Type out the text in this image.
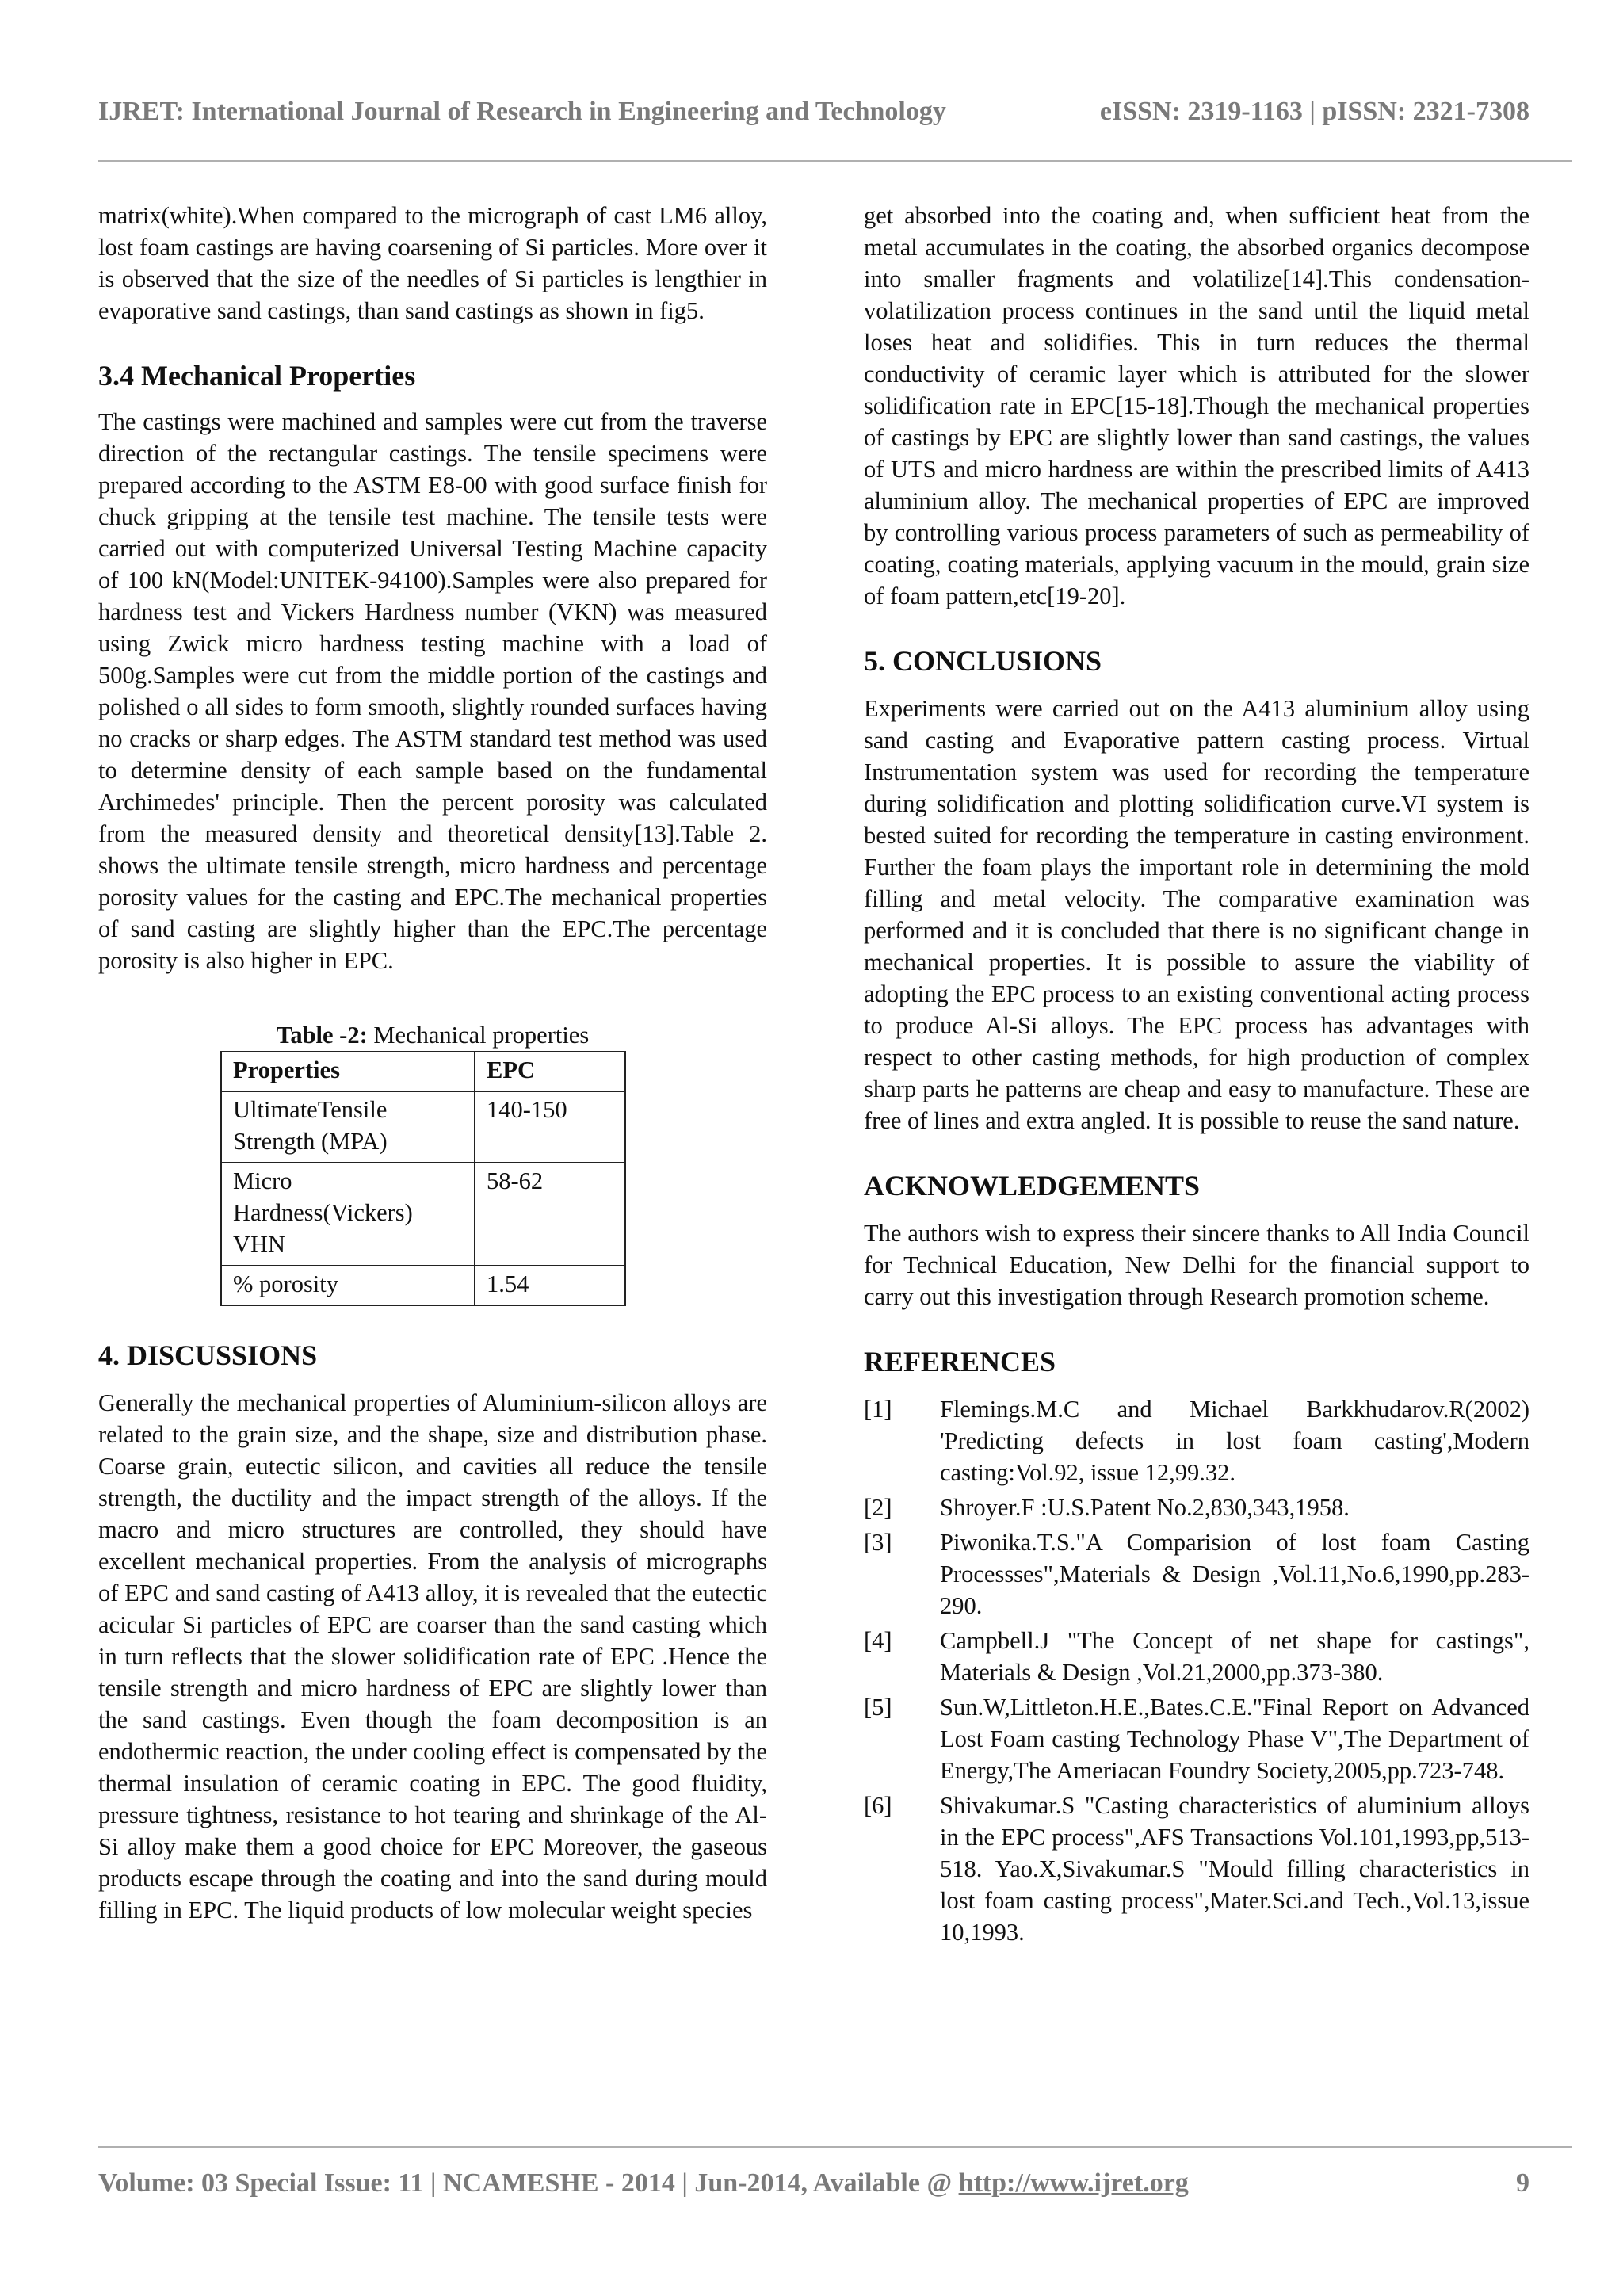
IJRET: International Journal of Research in Engineering and Technology	eISSN: 2319-1163 | pISSN: 2321-7308

matrix(white).When compared to the micrograph of cast LM6 alloy, lost foam castings are having coarsening of Si particles. More over it is observed that the size of the needles of Si particles is lengthier in evaporative sand castings, than sand castings as shown in fig5.

3.4 Mechanical Properties

The castings were machined and samples were cut from the traverse direction of the rectangular castings. The tensile specimens were prepared according to the ASTM E8-00 with good surface finish for chuck gripping at the tensile test machine. The tensile tests were carried out with computerized Universal Testing Machine capacity of 100 kN(Model:UNITEK-94100).Samples were also prepared for hardness test and Vickers Hardness number (VKN) was measured using Zwick micro hardness testing machine with a load of 500g.Samples were cut from the middle portion of the castings and polished o all sides to form smooth, slightly rounded surfaces having no cracks or sharp edges. The ASTM standard test method was used to determine density of each sample based on the fundamental Archimedes' principle. Then the percent porosity was calculated from the measured density and theoretical density[13].Table 2. shows the ultimate tensile strength, micro hardness and percentage porosity values for the casting and EPC.The mechanical properties of sand casting are slightly higher than the EPC.The percentage porosity is also higher in EPC.

Table -2: Mechanical properties

Properties	EPC
UltimateTensile Strength (MPA)	140-150
Micro Hardness(Vickers) VHN	58-62
% porosity	1.54
4. DISCUSSIONS

Generally the mechanical properties of Aluminium-silicon alloys are related to the grain size, and the shape, size and distribution phase. Coarse grain, eutectic silicon, and cavities all reduce the tensile strength, the ductility and the impact strength of the alloys. If the macro and micro structures are controlled, they should have excellent mechanical properties. From the analysis of micrographs of EPC and sand casting of A413 alloy, it is revealed that the eutectic acicular Si particles of EPC are coarser than the sand casting which in turn reflects that the slower solidification rate of EPC .Hence the tensile strength and micro hardness of EPC are slightly lower than the sand castings. Even though the foam decomposition is an endothermic reaction, the under cooling effect is compensated by the thermal insulation of ceramic coating in EPC. The good fluidity, pressure tightness, resistance to hot tearing and shrinkage of the Al-Si alloy make them a good choice for EPC Moreover, the gaseous products escape through the coating and into the sand during mould filling in EPC. The liquid products of low molecular weight species

get absorbed into the coating and, when sufficient heat from the metal accumulates in the coating, the absorbed organics decompose into smaller fragments and volatilize[14].This condensation-volatilization process continues in the sand until the liquid metal loses heat and solidifies. This in turn reduces the thermal conductivity of ceramic layer which is attributed for the slower solidification rate in EPC[15-18].Though the mechanical properties of castings by EPC are slightly lower than sand castings, the values of UTS and micro hardness are within the prescribed limits of A413 aluminium alloy. The mechanical properties of EPC are improved by controlling various process parameters of such as permeability of coating, coating materials, applying vacuum in the mould, grain size of foam pattern,etc[19-20].

5. CONCLUSIONS

Experiments were carried out on the A413 aluminium alloy using sand casting and Evaporative pattern casting process. Virtual Instrumentation system was used for recording the temperature during solidification and plotting solidification curve.VI system is bested suited for recording the temperature in casting environment. Further the foam plays the important role in determining the mold filling and metal velocity. The comparative examination was performed and it is concluded that there is no significant change in mechanical properties. It is possible to assure the viability of adopting the EPC process to an existing conventional acting process to produce Al-Si alloys. The EPC process has advantages with respect to other casting methods, for high production of complex sharp parts he patterns are cheap and easy to manufacture. These are free of lines and extra angled. It is possible to reuse the sand nature.

ACKNOWLEDGEMENTS

The authors wish to express their sincere thanks to All India Council for Technical Education, New Delhi for the financial support to carry out this investigation through Research promotion scheme.

REFERENCES
[1] Flemings.M.C and Michael Barkkhudarov.R(2002) 'Predicting defects in lost foam casting',Modern casting:Vol.92, issue 12,99.32.
[2] Shroyer.F :U.S.Patent No.2,830,343,1958.
[3] Piwonika.T.S."A Comparision of lost foam Casting Processses",Materials & Design ,Vol.11,No.6,1990,pp.283-290.
[4] Campbell.J "The Concept of net shape for castings", Materials & Design ,Vol.21,2000,pp.373-380.
[5] Sun.W,Littleton.H.E.,Bates.C.E."Final Report on Advanced Lost Foam casting Technology Phase V",The Department of Energy,The Ameriacan Foundry Society,2005,pp.723-748.
[6] Shivakumar.S "Casting characteristics of aluminium alloys in the EPC process",AFS Transactions Vol.101,1993,pp,513-518. Yao.X,Sivakumar.S "Mould filling characteristics in lost foam casting process",Mater.Sci.and Tech.,Vol.13,issue 10,1993.
Volume: 03 Special Issue: 11 | NCAMESHE - 2014 | Jun-2014, Available @ http://www.ijret.org	9
